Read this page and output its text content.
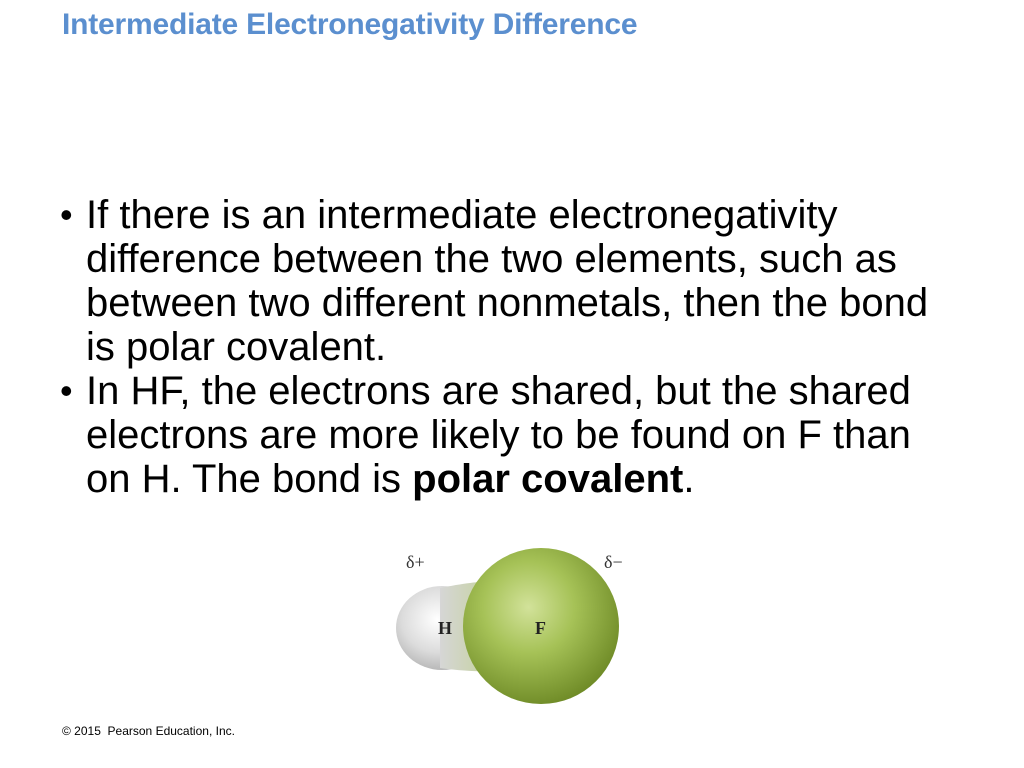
Intermediate Electronegativity Difference
• If there is an intermediate electronegativity difference between the two elements, such as between two different nonmetals, then the bond is polar covalent.
• In HF, the electrons are shared, but the shared electrons are more likely to be found on F than on H. The bond is polar covalent.
H	F
δ+	δ−
© 2015  Pearson Education, Inc.
